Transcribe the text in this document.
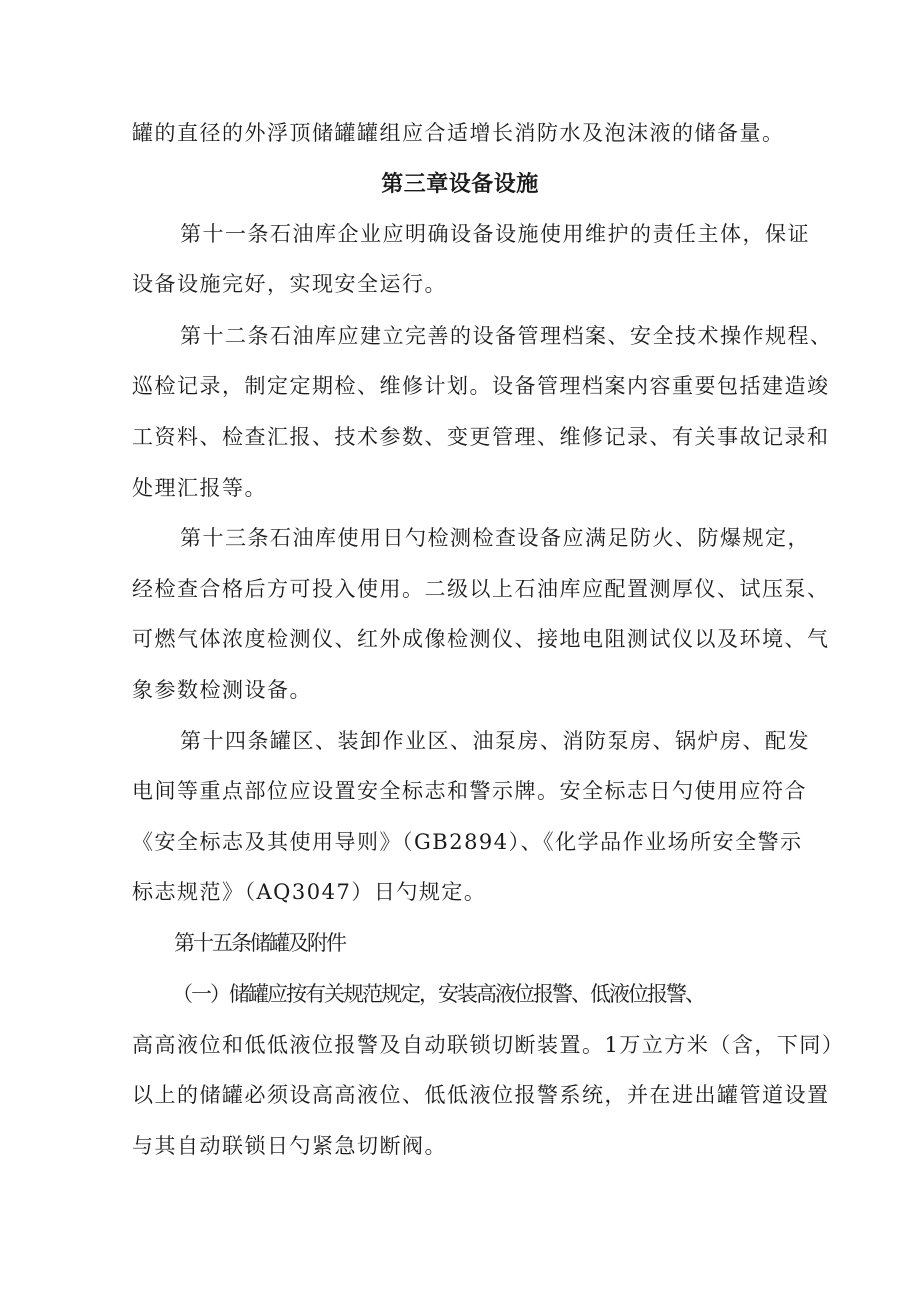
罐的直径的外浮顶储罐罐组应合适增长消防水及泡沫液的储备量。
第三章设备设施
第十一条石油库企业应明确设备设施使用维护的责任主体，保证
设备设施完好，实现安全运行。
第十二条石油库应建立完善的设备管理档案、安全技术操作规程、
巡检记录，制定定期检、维修计划。设备管理档案内容重要包括建造竣
工资料、检查汇报、技术参数、变更管理、维修记录、有关事故记录和
处理汇报等。
第十三条石油库使用日勺检测检查设备应满足防火、防爆规定，
经检查合格后方可投入使用。二级以上石油库应配置测厚仪、试压泵、
可燃气体浓度检测仪、红外成像检测仪、接地电阻测试仪以及环境、气
象参数检测设备。
第十四条罐区、装卸作业区、油泵房、消防泵房、锅炉房、配发
电间等重点部位应设置安全标志和警示牌。安全标志日勺使用应符合
《安全标志及其使用导则》（GB2894）、《化学品作业场所安全警示
标志规范》（AQ3047）日勺规定。
第十五条储罐及附件
（一）储罐应按有关规范规定，安装高液位报警、低液位报警、
高高液位和低低液位报警及自动联锁切断装置。1万立方米（含，下同）
以上的储罐必须设高高液位、低低液位报警系统，并在进出罐管道设置
与其自动联锁日勺紧急切断阀。
